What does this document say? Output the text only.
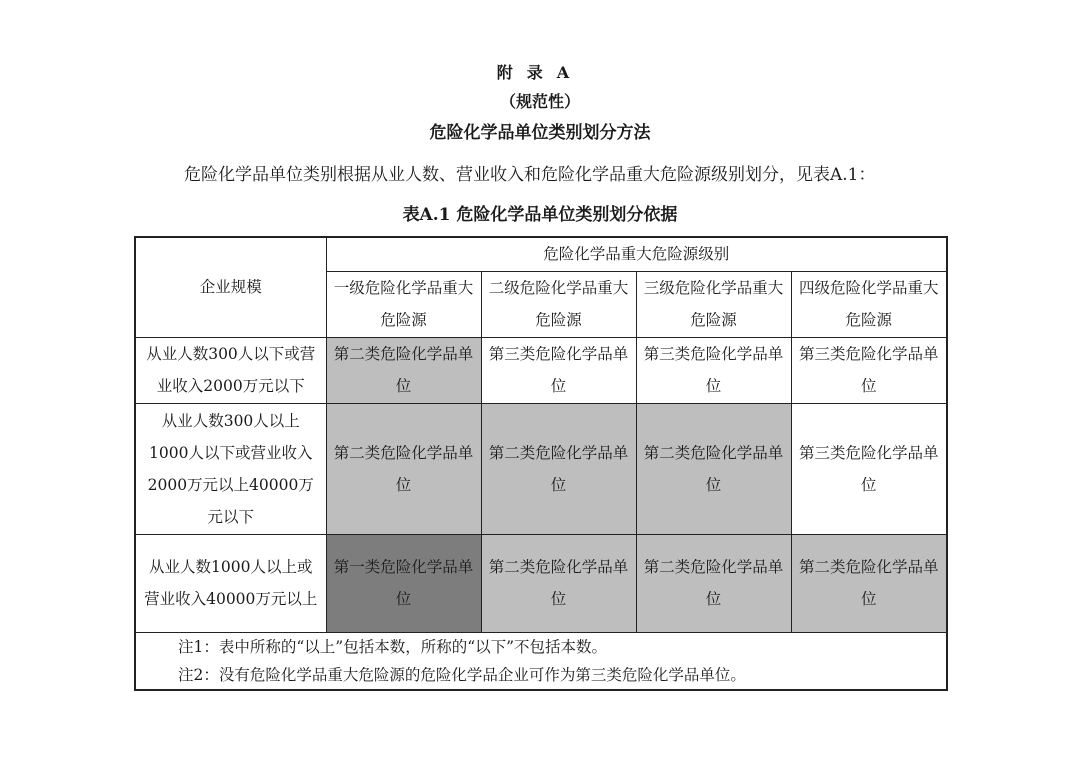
附录A
（规范性）
危险化学品单位类别划分方法
危险化学品单位类别根据从业人数、营业收入和危险化学品重大危险源级别划分，见表A.1：
表A.1 危险化学品单位类别划分依据
企业规模	危险化学品重大危险源级别			
	一级危险化学品重大危险源	二级危险化学品重大危险源	三级危险化学品重大危险源	四级危险化学品重大危险源
从业人数300人以下或营业收入2000万元以下	第二类危险化学品单位	第三类危险化学品单位	第三类危险化学品单位	第三类危险化学品单位
从业人数300人以上1000人以下或营业收入2000万元以上40000万元以下	第二类危险化学品单位	第二类危险化学品单位	第二类危险化学品单位	第三类危险化学品单位
从业人数1000人以上或营业收入40000万元以上	第一类危险化学品单位	第二类危险化学品单位	第二类危险化学品单位	第二类危险化学品单位

注1：表中所称的“以上”包括本数，所称的“以下”不包括本数。
注2：没有危险化学品重大危险源的危险化学品企业可作为第三类危险化学品单位。				
